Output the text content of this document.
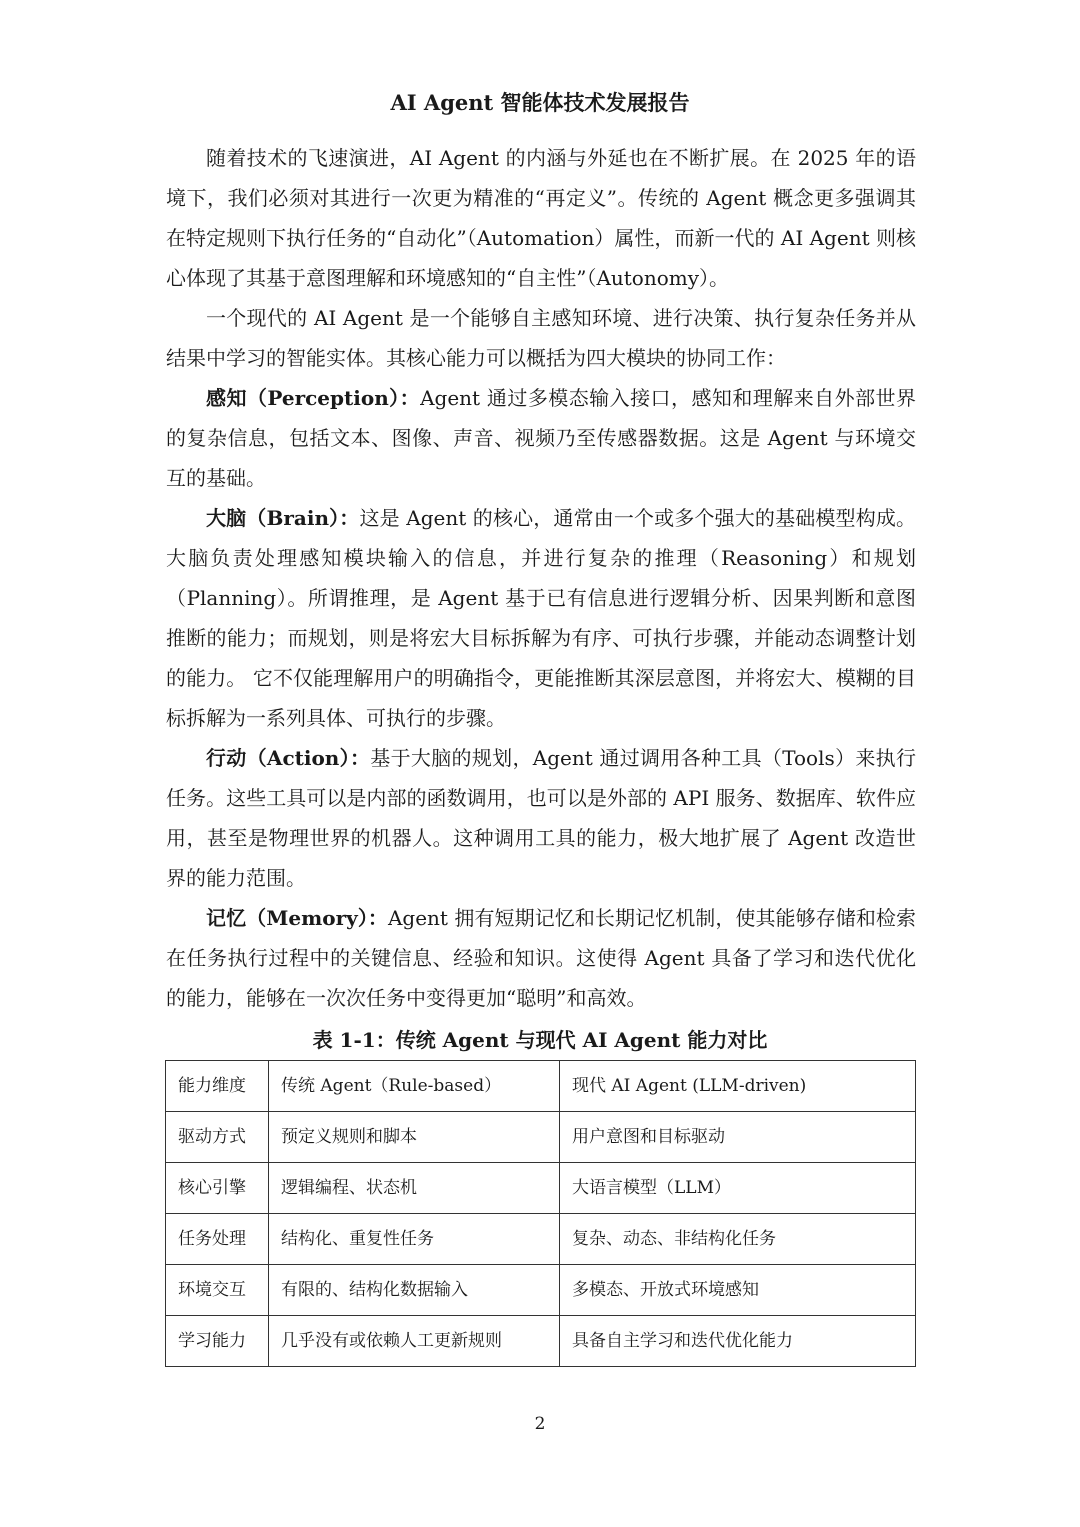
AI Agent 智能体技术发展报告

随着技术的飞速演进，AI Agent 的内涵与外延也在不断扩展。在 2025 年的语境下，我们必须对其进行一次更为精准的“再定义”。传统的 Agent 概念更多强调其在特定规则下执行任务的“自动化”（Automation）属性，而新一代的 AI Agent 则核心体现了其基于意图理解和环境感知的“自主性”（Autonomy）。

一个现代的 AI Agent 是一个能够自主感知环境、进行决策、执行复杂任务并从结果中学习的智能实体。其核心能力可以概括为四大模块的协同工作：

感知（Perception）：Agent 通过多模态输入接口，感知和理解来自外部世界的复杂信息，包括文本、图像、声音、视频乃至传感器数据。这是 Agent 与环境交互的基础。

大脑（Brain）：这是 Agent 的核心，通常由一个或多个强大的基础模型构成。大脑负责处理感知模块输入的信息，并进行复杂的推理（Reasoning）和规划（Planning）。所谓推理，是 Agent 基于已有信息进行逻辑分析、因果判断和意图推断的能力；而规划，则是将宏大目标拆解为有序、可执行步骤，并能动态调整计划的能力。 它不仅能理解用户的明确指令，更能推断其深层意图，并将宏大、模糊的目标拆解为一系列具体、可执行的步骤。

行动（Action）：基于大脑的规划，Agent 通过调用各种工具（Tools）来执行任务。这些工具可以是内部的函数调用，也可以是外部的 API 服务、数据库、软件应用，甚至是物理世界的机器人。这种调用工具的能力，极大地扩展了 Agent 改造世界的能力范围。

记忆（Memory）：Agent 拥有短期记忆和长期记忆机制，使其能够存储和检索在任务执行过程中的关键信息、经验和知识。这使得 Agent 具备了学习和迭代优化的能力，能够在一次次任务中变得更加“聪明”和高效。

表 1-1：传统 Agent 与现代 AI Agent 能力对比
能力维度	传统 Agent（Rule-based）	现代 AI Agent (LLM-driven)
驱动方式	预定义规则和脚本	用户意图和目标驱动
核心引擎	逻辑编程、状态机	大语言模型（LLM）
任务处理	结构化、重复性任务	复杂、动态、非结构化任务
环境交互	有限的、结构化数据输入	多模态、开放式环境感知
学习能力	几乎没有或依赖人工更新规则	具备自主学习和迭代优化能力
2
